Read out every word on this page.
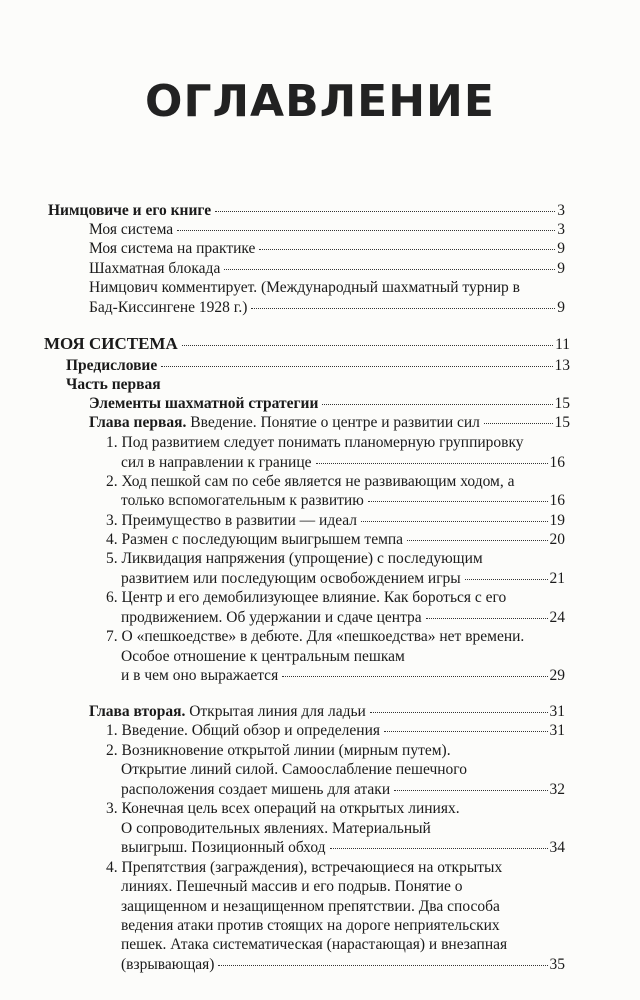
ОГЛАВЛЕНИЕ
Нимцовиче и его книге	3
Моя система	3
Моя система на практике	9
Шахматная блокада	9
Нимцович комментирует. (Международный шахматный турнир в
Бад-Киссингене 1928 г.)	9
МОЯ СИСТЕМА	11
Предисловие	13
Часть первая
Элементы шахматной стратегии	15
Глава первая. Введение. Понятие о центре и развитии сил	15
1. Под развитием следует понимать планомерную группировку
сил в направлении к границе	16
2. Ход пешкой сам по себе является не развивающим ходом, а
только вспомогательным к развитию	16
3. Преимущество в развитии — идеал	19
4. Размен с последующим выигрышем темпа	20
5. Ликвидация напряжения (упрощение) с последующим
развитием или последующим освобождением игры	21
6. Центр и его демобилизующее влияние. Как бороться с его
продвижением. Об удержании и сдаче центра	24
7. О «пешкоедстве» в дебюте. Для «пешкоедства» нет времени.
Особое отношение к центральным пешкам
и в чем оно выражается	29
Глава вторая. Открытая линия для ладьи	31
1. Введение. Общий обзор и определения	31
2. Возникновение открытой линии (мирным путем).
Открытие линий силой. Самоослабление пешечного
расположения создает мишень для атаки	32
3. Конечная цель всех операций на открытых линиях.
О сопроводительных явлениях. Материальный
выигрыш. Позиционный обход	34
4. Препятствия (заграждения), встречающиеся на открытых
линиях. Пешечный массив и его подрыв. Понятие о
защищенном и незащищенном препятствии. Два способа
ведения атаки против стоящих на дороге неприятельских
пешек. Атака систематическая (нарастающая) и внезапная
(взрывающая)	35
